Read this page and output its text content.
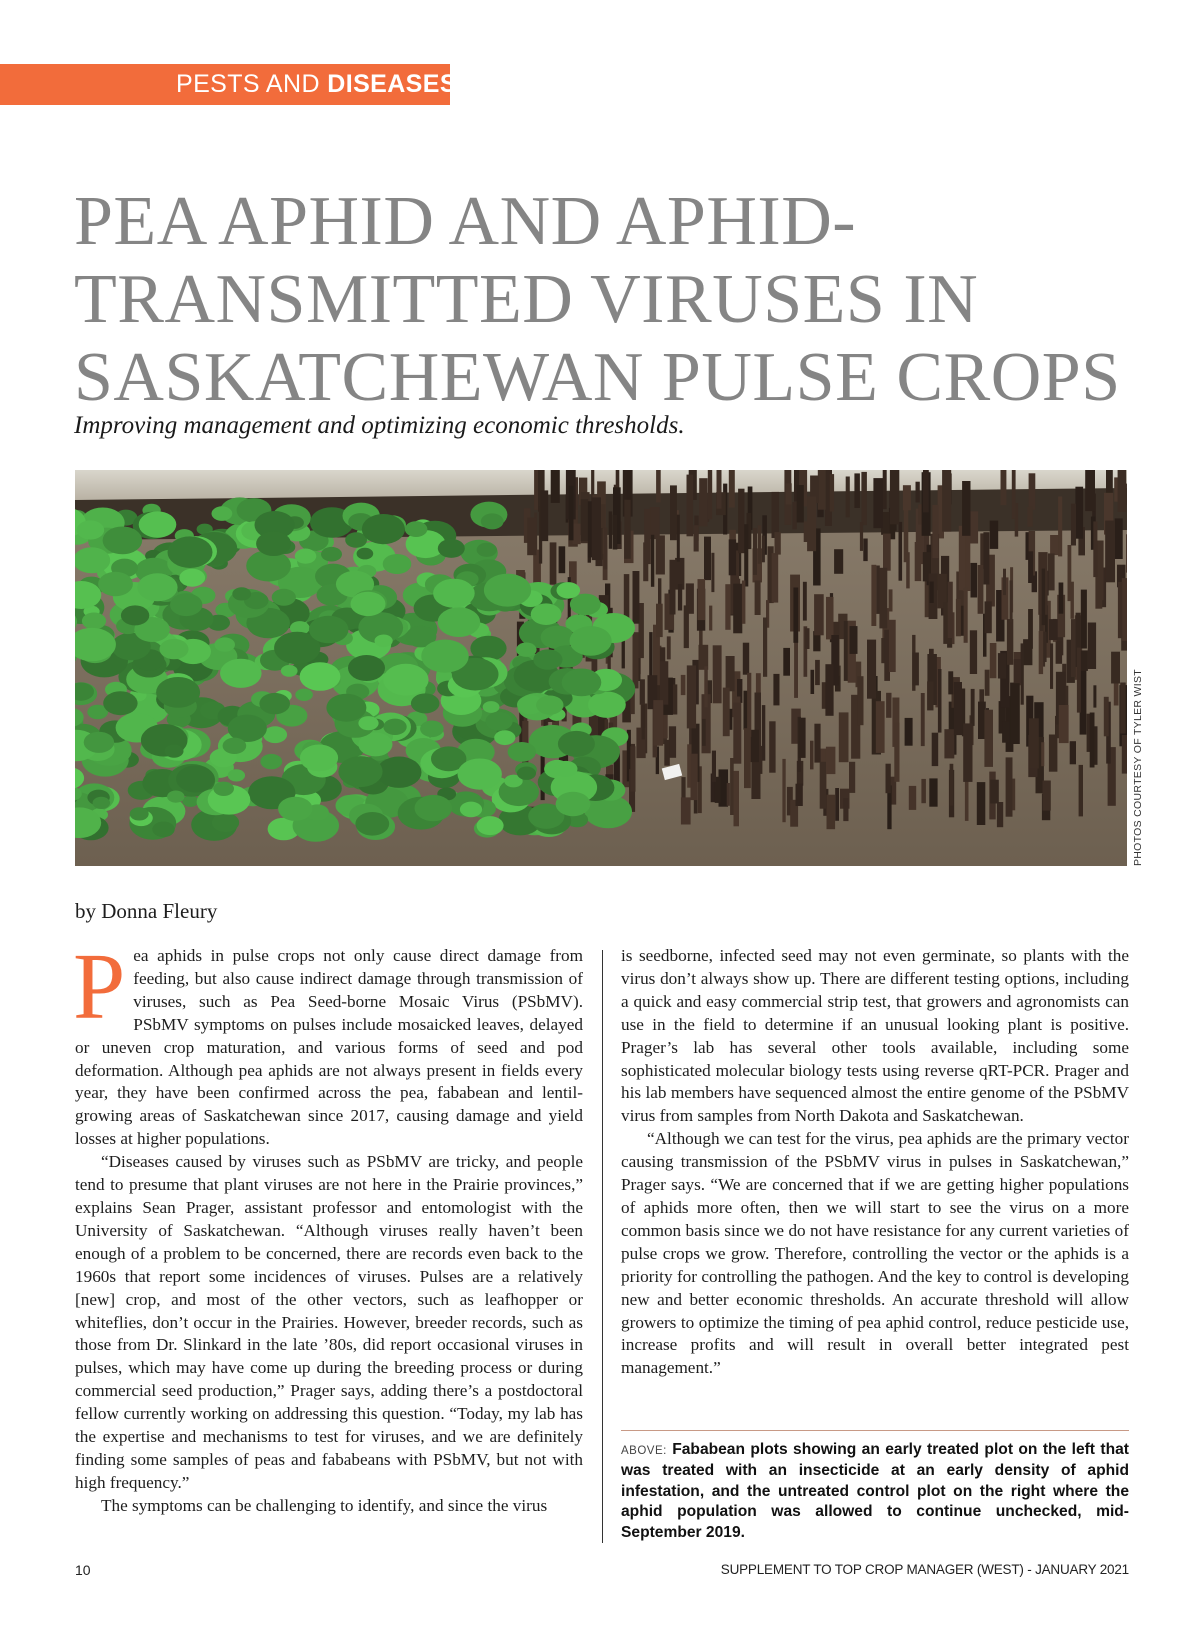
PESTS AND DISEASES
PEA APHID AND APHID-
TRANSMITTED VIRUSES IN
SASKATCHEWAN PULSE CROPS
Improving management and optimizing economic thresholds.
PHOTOS COURTESY OF TYLER WIST
by Donna Fleury

Pea aphids in pulse crops not only cause direct damage from feeding, but also cause indirect damage through transmission of viruses, such as Pea Seed-borne Mosaic Virus (PSbMV). PSbMV symptoms on pulses include mosaicked leaves, delayed or uneven crop maturation, and various forms of seed and pod deformation. Although pea aphids are not always present in fields every year, they have been confirmed across the pea, fababean and lentil-growing areas of Saskatchewan since 2017, causing damage and yield losses at higher populations.

“Diseases caused by viruses such as PSbMV are tricky, and people tend to presume that plant viruses are not here in the Prairie provinces,” explains Sean Prager, assistant professor and entomologist with the University of Saskatchewan. “Although viruses really haven’t been enough of a problem to be concerned, there are records even back to the 1960s that report some incidences of viruses. Pulses are a relatively [new] crop, and most of the other vectors, such as leafhopper or whiteflies, don’t occur in the Prairies. However, breeder records, such as those from Dr. Slinkard in the late ’80s, did report occasional viruses in pulses, which may have come up during the breeding process or during commercial seed production,” Prager says, adding there’s a postdoctoral fellow currently working on addressing this question. “Today, my lab has the expertise and mechanisms to test for viruses, and we are definitely finding some samples of peas and fababeans with PSbMV, but not with high frequency.”

The symptoms can be challenging to identify, and since the virus

is seedborne, infected seed may not even germinate, so plants with the virus don’t always show up. There are different testing options, including a quick and easy commercial strip test, that growers and agronomists can use in the field to determine if an unusual looking plant is positive. Prager’s lab has several other tools available, including some sophisticated molecular biology tests using reverse qRT-PCR. Prager and his lab members have sequenced almost the entire genome of the PSbMV virus from samples from North Dakota and Saskatchewan.

“Although we can test for the virus, pea aphids are the primary vector causing transmission of the PSbMV virus in pulses in Saskatchewan,” Prager says. “We are concerned that if we are getting higher populations of aphids more often, then we will start to see the virus on a more common basis since we do not have resistance for any current varieties of pulse crops we grow. Therefore, controlling the vector or the aphids is a priority for controlling the pathogen. And the key to control is developing new and better economic thresholds. An accurate threshold will allow growers to optimize the timing of pea aphid control, reduce pesticide use, increase profits and will result in overall better integrated pest management.”

ABOVE: Fababean plots showing an early treated plot on the left that was treated with an insecticide at an early density of aphid infestation, and the untreated control plot on the right where the aphid population was allowed to continue unchecked, mid-September 2019.
10	SUPPLEMENT TO TOP CROP MANAGER (WEST) - JANUARY 2021
